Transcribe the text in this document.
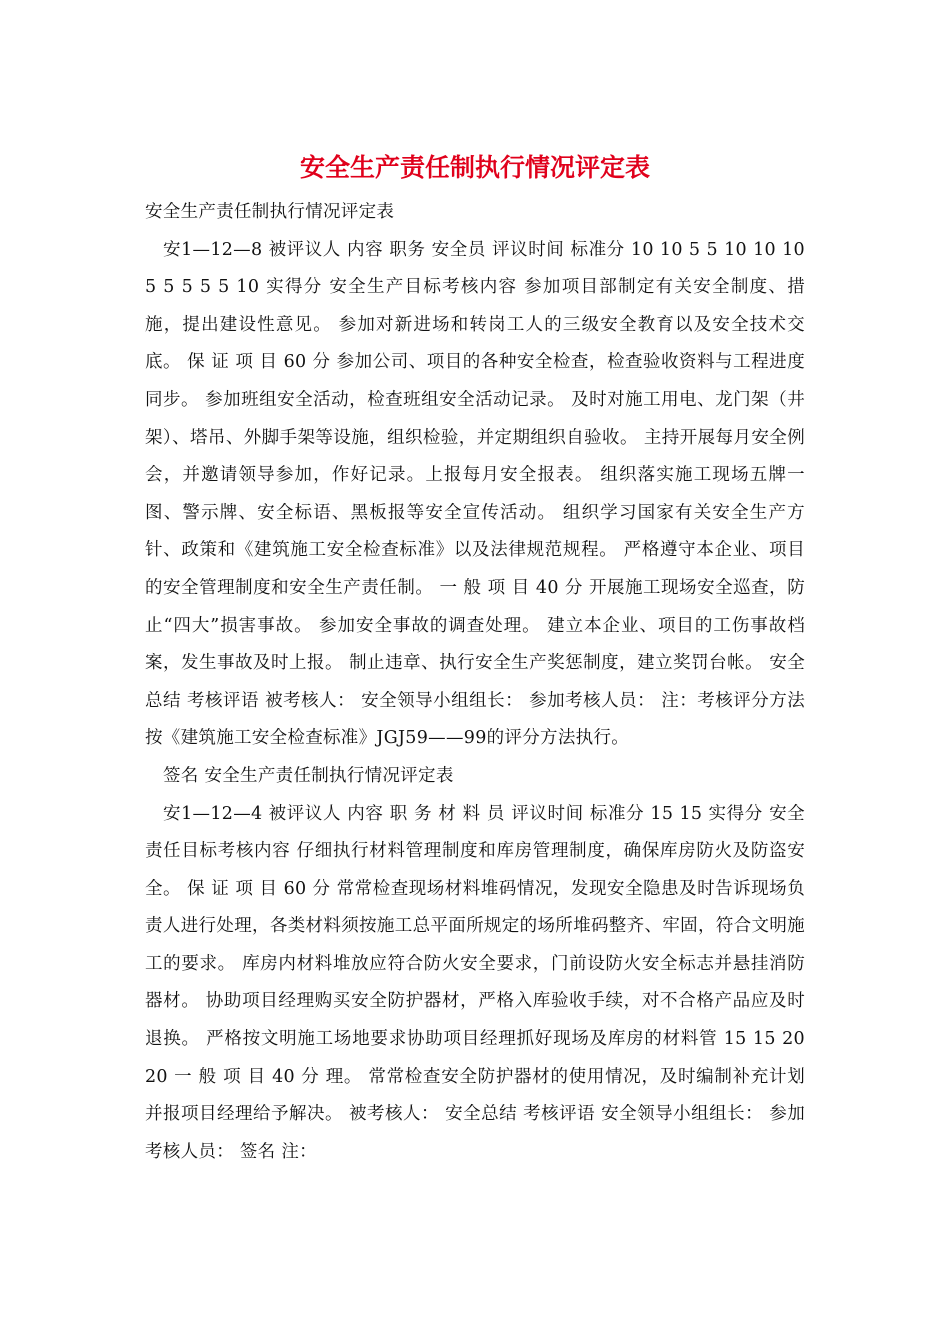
安全生产责任制执行情况评定表

安全生产责任制执行情况评定表

安1—12—8 被评议人 内容 职务 安全员 评议时间 标准分 10 10 5 5 10 10 10 5 5 5 5 5 10 实得分 安全生产目标考核内容 参加项目部制定有关安全制度、措施，提出建设性意见。 参加对新进场和转岗工人的三级安全教育以及安全技术交底。 保 证 项 目 60 分 参加公司、项目的各种安全检查，检查验收资料与工程进度同步。 参加班组安全活动，检查班组安全活动记录。 及时对施工用电、龙门架（井架）、塔吊、外脚手架等设施，组织检验，并定期组织自验收。 主持开展每月安全例会，并邀请领导参加，作好记录。上报每月安全报表。 组织落实施工现场五牌一图、警示牌、安全标语、黑板报等安全宣传活动。 组织学习国家有关安全生产方针、政策和《建筑施工安全检查标准》以及法律规范规程。 严格遵守本企业、项目的安全管理制度和安全生产责任制。 一 般 项 目 40 分 开展施工现场安全巡查，防止“四大”损害事故。 参加安全事故的调查处理。 建立本企业、项目的工伤事故档案，发生事故及时上报。 制止违章、执行安全生产奖惩制度，建立奖罚台帐。 安全总结 考核评语 被考核人： 安全领导小组组长： 参加考核人员： 注：考核评分方法按《建筑施工安全检查标准》JGJ59——99的评分方法执行。

签名 安全生产责任制执行情况评定表

安1—12—4 被评议人 内容 职 务 材 料 员 评议时间 标准分 15 15 实得分 安全责任目标考核内容 仔细执行材料管理制度和库房管理制度，确保库房防火及防盗安全。 保 证 项 目 60 分 常常检查现场材料堆码情况，发现安全隐患及时告诉现场负责人进行处理，各类材料须按施工总平面所规定的场所堆码整齐、牢固，符合文明施工的要求。 库房内材料堆放应符合防火安全要求，门前设防火安全标志并悬挂消防器材。 协助项目经理购买安全防护器材，严格入库验收手续，对不合格产品应及时退换。 严格按文明施工场地要求协助项目经理抓好现场及库房的材料管 15 15 20 20 一 般 项 目 40 分 理。 常常检查安全防护器材的使用情况，及时编制补充计划并报项目经理给予解决。 被考核人： 安全总结 考核评语 安全领导小组组长： 参加考核人员： 签名 注：
